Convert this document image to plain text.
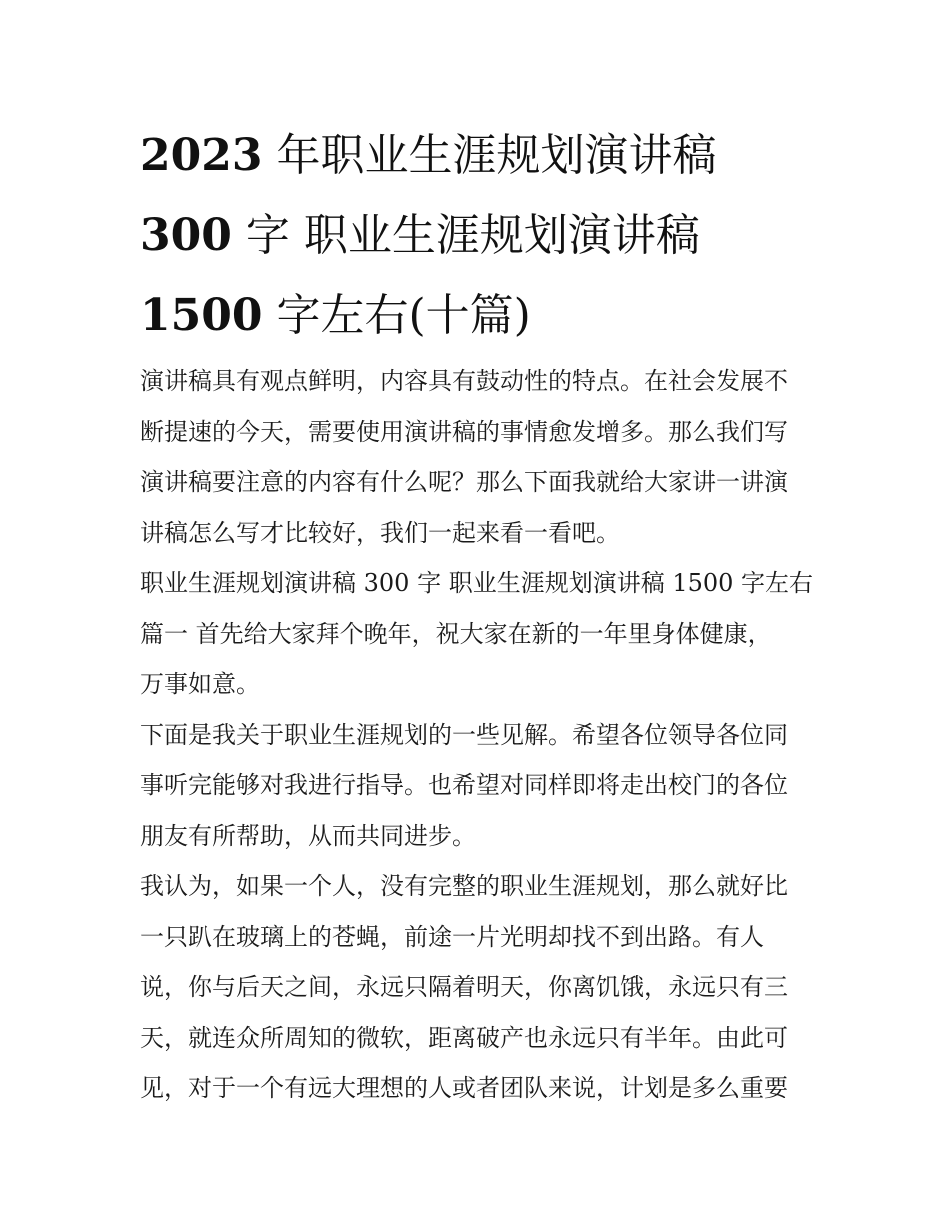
2023 年职业生涯规划演讲稿
300 字 职业生涯规划演讲稿
1500 字左右(十篇)

演讲稿具有观点鲜明，内容具有鼓动性的特点。在社会发展不
断提速的今天，需要使用演讲稿的事情愈发增多。那么我们写
演讲稿要注意的内容有什么呢？那么下面我就给大家讲一讲演
讲稿怎么写才比较好，我们一起来看一看吧。

职业生涯规划演讲稿 300 字 职业生涯规划演讲稿 1500 字左右
篇一 首先给大家拜个晚年，祝大家在新的一年里身体健康，
万事如意。

下面是我关于职业生涯规划的一些见解。希望各位领导各位同
事听完能够对我进行指导。也希望对同样即将走出校门的各位
朋友有所帮助，从而共同进步。

我认为，如果一个人，没有完整的职业生涯规划，那么就好比
一只趴在玻璃上的苍蝇，前途一片光明却找不到出路。有人
说，你与后天之间，永远只隔着明天，你离饥饿，永远只有三
天，就连众所周知的微软，距离破产也永远只有半年。由此可
见，对于一个有远大理想的人或者团队来说，计划是多么重要
